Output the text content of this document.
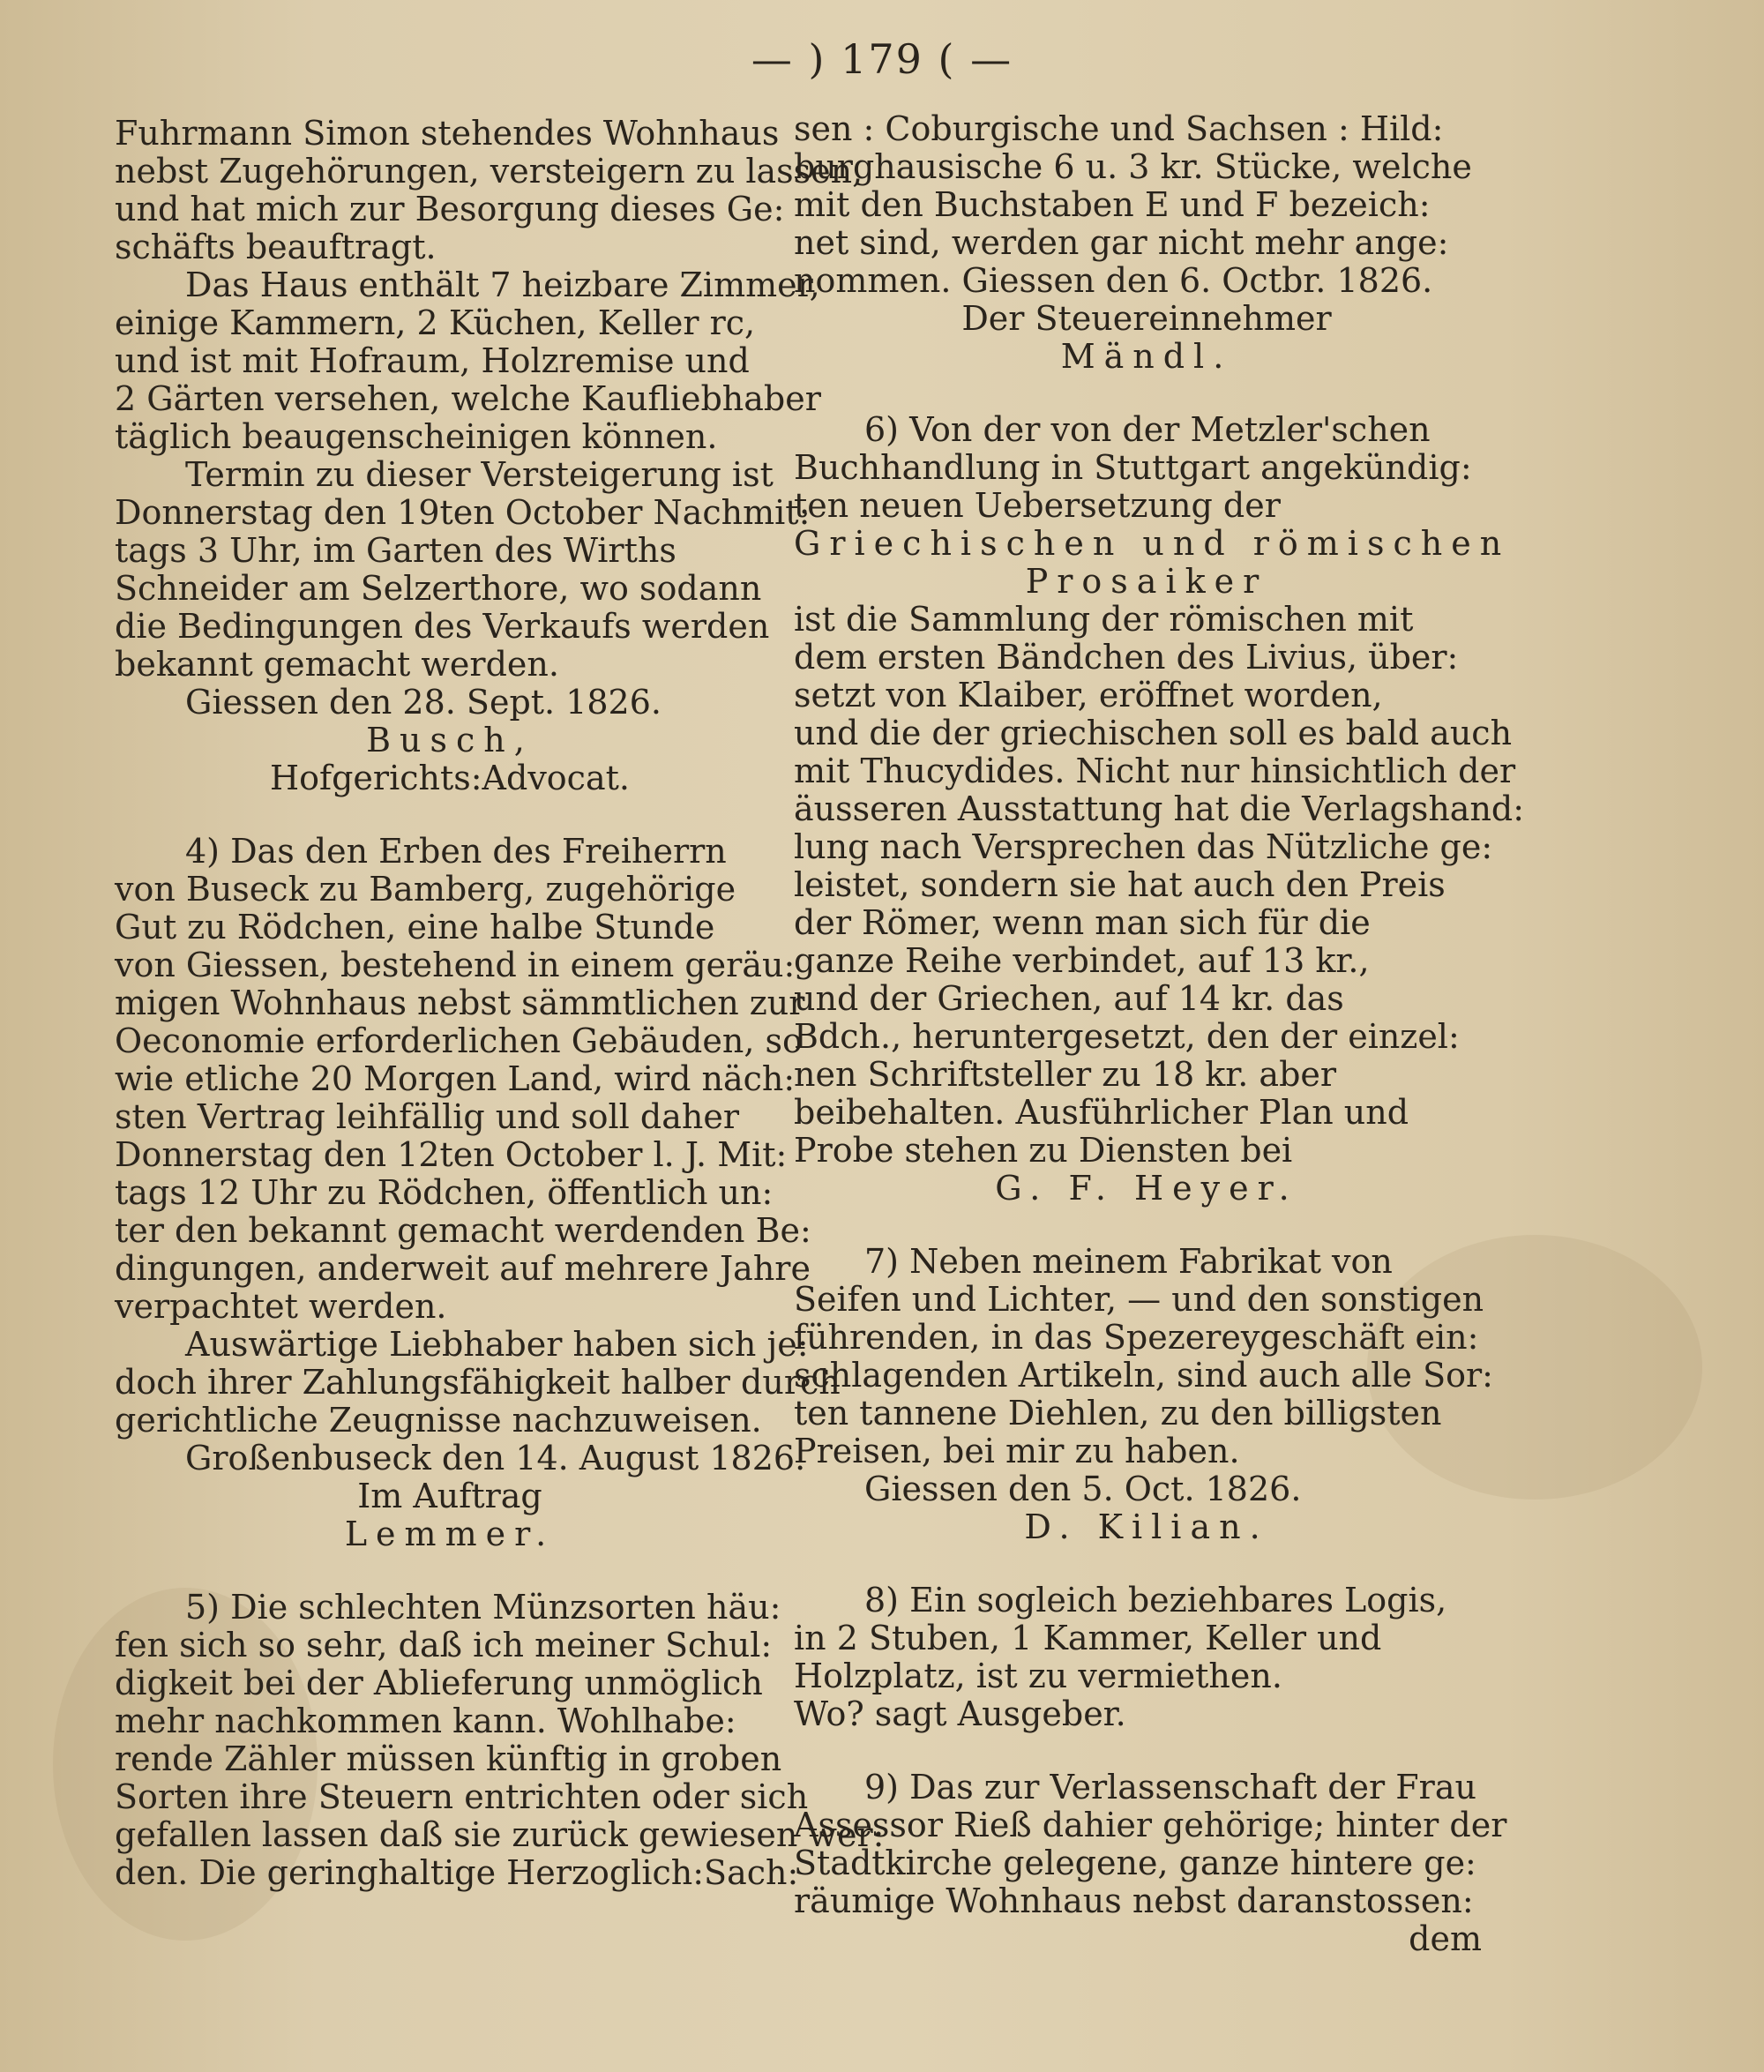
— ) 179 ( —
Fuhrmann Simon stehendes Wohnhaus
nebst Zugehörungen, versteigern zu lassen,
und hat mich zur Besorgung dieses Ge:
schäfts beauftragt.
Das Haus enthält 7 heizbare Zimmer,
einige Kammern, 2 Küchen, Keller rc,
und ist mit Hofraum, Holzremise und
2 Gärten versehen, welche Kaufliebhaber
täglich beaugenscheinigen können.
Termin zu dieser Versteigerung ist
Donnerstag den 19ten October Nachmit:
tags 3 Uhr, im Garten des Wirths
Schneider am Selzerthore, wo sodann
die Bedingungen des Verkaufs werden
bekannt gemacht werden.
Giessen den 28. Sept. 1826.
Busch,
Hofgerichts:Advocat.
4) Das den Erben des Freiherrn
von Buseck zu Bamberg, zugehörige
Gut zu Rödchen, eine halbe Stunde
von Giessen, bestehend in einem geräu:
migen Wohnhaus nebst sämmtlichen zur
Oeconomie erforderlichen Gebäuden, so
wie etliche 20 Morgen Land, wird näch:
sten Vertrag leihfällig und soll daher
Donnerstag den 12ten October l. J. Mit:
tags 12 Uhr zu Rödchen, öffentlich un:
ter den bekannt gemacht werdenden Be:
dingungen, anderweit auf mehrere Jahre
verpachtet werden.
Auswärtige Liebhaber haben sich je:
doch ihrer Zahlungsfähigkeit halber durch
gerichtliche Zeugnisse nachzuweisen.
Großenbuseck den 14. August 1826.
Im Auftrag
Lemmer.
5) Die schlechten Münzsorten häu:
fen sich so sehr, daß ich meiner Schul:
digkeit bei der Ablieferung unmöglich
mehr nachkommen kann. Wohlhabe:
rende Zähler müssen künftig in groben
Sorten ihre Steuern entrichten oder sich
gefallen lassen daß sie zurück gewiesen wer:
den. Die geringhaltige Herzoglich:Sach:
sen : Coburgische und Sachsen : Hild:
burghausische 6 u. 3 kr. Stücke, welche
mit den Buchstaben E und F bezeich:
net sind, werden gar nicht mehr ange:
nommen. Giessen den 6. Octbr. 1826.
Der Steuereinnehmer
Mändl.
6) Von der von der Metzler'schen
Buchhandlung in Stuttgart angekündig:
ten neuen Uebersetzung der
Griechischen und römischen
Prosaiker
ist die Sammlung der römischen mit
dem ersten Bändchen des Livius, über:
setzt von Klaiber, eröffnet worden,
und die der griechischen soll es bald auch
mit Thucydides. Nicht nur hinsichtlich der
äusseren Ausstattung hat die Verlagshand:
lung nach Versprechen das Nützliche ge:
leistet, sondern sie hat auch den Preis
der Römer, wenn man sich für die
ganze Reihe verbindet, auf 13 kr.,
und der Griechen, auf 14 kr. das
Bdch., heruntergesetzt, den der einzel:
nen Schriftsteller zu 18 kr. aber
beibehalten. Ausführlicher Plan und
Probe stehen zu Diensten bei
G. F. Heyer.
7) Neben meinem Fabrikat von
Seifen und Lichter, — und den sonstigen
führenden, in das Spezereygeschäft ein:
schlagenden Artikeln, sind auch alle Sor:
ten tannene Diehlen, zu den billigsten
Preisen, bei mir zu haben.
Giessen den 5. Oct. 1826.
D. Kilian.
8) Ein sogleich beziehbares Logis,
in 2 Stuben, 1 Kammer, Keller und
Holzplatz, ist zu vermiethen.
Wo? sagt Ausgeber.
9) Das zur Verlassenschaft der Frau
Assessor Rieß dahier gehörige; hinter der
Stadtkirche gelegene, ganze hintere ge:
räumige Wohnhaus nebst daranstossen:
dem
